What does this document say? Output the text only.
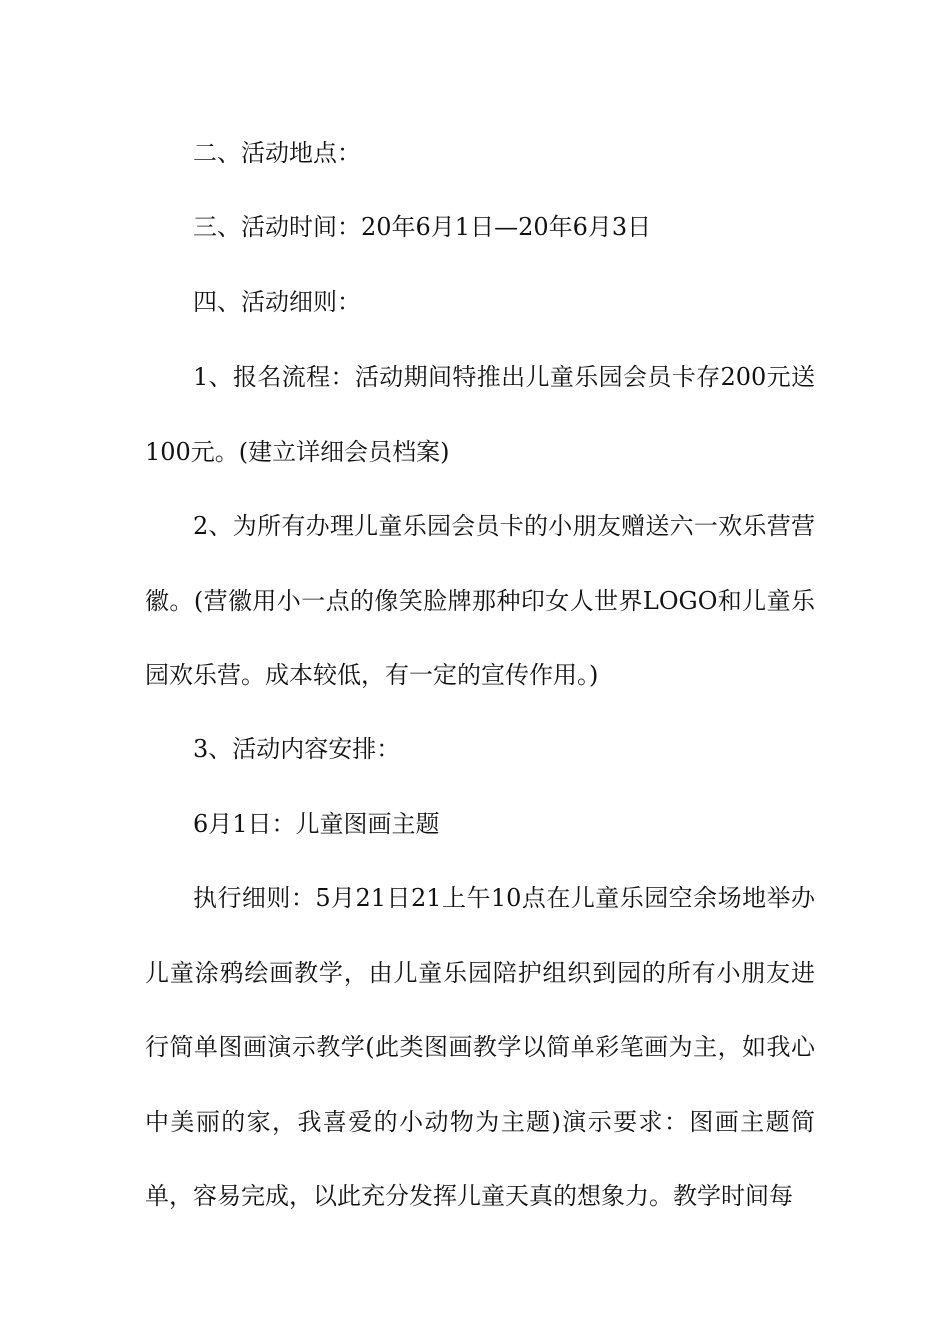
二、活动地点：

三、活动时间：20年6月1日—20年6月3日

四、活动细则：

1、报名流程：活动期间特推出儿童乐园会员卡存200元送100元。(建立详细会员档案)

2、为所有办理儿童乐园会员卡的小朋友赠送六一欢乐营营徽。(营徽用小一点的像笑脸牌那种印女人世界LOGO和儿童乐园欢乐营。成本较低，有一定的宣传作用。)

3、活动内容安排：

6月1日：儿童图画主题

执行细则：5月21日21上午10点在儿童乐园空余场地举办儿童涂鸦绘画教学，由儿童乐园陪护组织到园的所有小朋友进行简单图画演示教学(此类图画教学以简单彩笔画为主，如我心中美丽的家，我喜爱的小动物为主题)演示要求：图画主题简单，容易完成，以此充分发挥儿童天真的想象力。教学时间每
